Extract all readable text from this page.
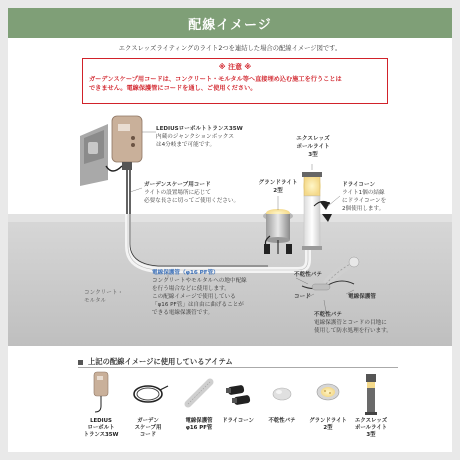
配線イメージ
エクスレッズライティングのライト2つを連結した場合の配線イメージ図です。
※ 注意 ※
ガーデンスケープ用コードは、コンクリート・モルタル等へ直接埋め込む施工を行うことは
できません。電線保護管にコードを通し、ご使用ください。
LEDIUSローボルトトランス35W
内蔵のジャンクションボックス
は4分岐まで可能です。
ガーデンスケープ用コード
ライトの設置場所に応じて
必要な長さに切ってご使用ください。
グランドライト
2型
エクスレッズ
ポールライト
3型
ドライコーン
ライト1個の結線
にドライコーンを
2個使用します。
コンクリート・
モルタル
電線保護管（φ16 PF管）
コンクリートやモルタルへの地中配線
を行う場合などに使用します。
この配線イメージで使用している
「φ16 PF管」は自由に曲げることが
できる電線保護管です。
不乾性パテ
コード	電線保護管
不乾性パテ
電線保護管とコードの目地に
使用して防水処理を行います。
上記の配線イメージに使用しているアイテム
LEDIUS
ローボルト
トランス35W
ガーデン
スケープ用
コード
電線保護管
φ16 PF管
ドライコーン	不乾性パテ	グランドライト
2型
エクスレッズ
ポールライト
3型
